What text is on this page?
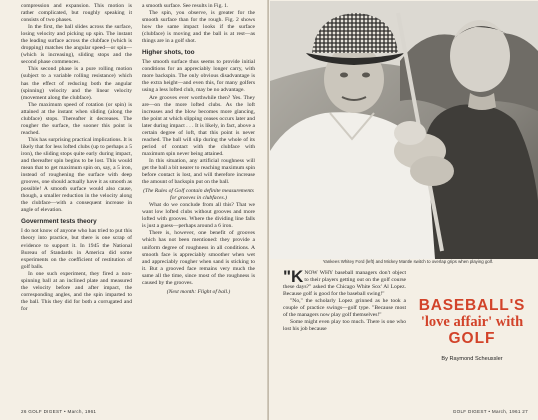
compression and expansion. This motion is rather complicated, but roughly speaking it consists of two phases.

In the first, the ball slides across the surface, losing velocity and picking up spin. The instant the leading surface across the clubface (which is dropping) matches the angular speed—or spin—(which is increasing), sliding stops and the second phase commences.

This second phase is a pure rolling motion (subject to a variable rolling resistance) which has the effect of reducing both the angular (spinning) velocity and the linear velocity (movement along the clubface).

The maximum speed of rotation (or spin) is attained at the instant when sliding (along the clubface) stops. Thereafter it decreases. The rougher the surface, the sooner this point is reached.

This has surprising practical implications. It is likely that for less lofted clubs (up to perhaps a 5 iron), the sliding stops quite early during impact, and thereafter spin begins to be lost. This would mean that to get maximum spin on, say, a 5 iron, instead of roughening the surface with deep grooves, one should actually have it as smooth as possible! A smooth surface would also cause, though, a smaller reduction in the velocity along the clubface—with a consequent increase in angle of elevation.

Government tests theory

I do not know of anyone who has tried to put this theory into practice, but there is one scrap of evidence to support it. In 1945 the National Bureau of Standards in America did some experiments on the coefficient of restitution of golf balls.

In one such experiment, they fired a non-spinning ball at an inclined plate and measured the velocity before and after impact, the corresponding angles, and the spin imparted to the ball. This they did for both a corrugated and for

a smooth surface. See results in Fig. 1.

The spin, you observe, is greater for the smooth surface than for the rough. Fig. 2 shows how the same impact looks if the surface (clubface) is moving and the ball is at rest—as things are in a golf shot.

Higher shots, too

The smooth surface thus seems to provide initial conditions for an appreciably longer carry, with more backspin. The only obvious disadvantage is the extra height—and even this, for many golfers using a less lofted club, may be no advantage.

Are grooves ever worthwhile then? Yes. They are—on the more lofted clubs. As the loft increases and the blow becomes more glancing, the point at which slipping ceases occurs later and later during impact . . . It is likely, in fact, above a certain degree of loft, that this point is never reached. The ball will slip during the whole of its period of contact with the clubface with maximum spin never being attained.

In this situation, any artificial roughness will get the ball a bit nearer to reaching maximum spin before contact is lost, and will therefore increase the amount of backspin put on the ball.

(The Rules of Golf contain definite measurements for grooves in clubfaces.)

What do we conclude from all this? That we want low lofted clubs without grooves and more lofted with grooves. Where the dividing line falls is just a guess—perhaps around a 6 iron.

There is, however, one benefit of grooves which has not been mentioned: they provide a uniform degree of roughness in all conditions. A smooth face is appreciably smoother when wet and appreciably rougher when sand is sticking to it. But a grooved face remains very much the same all the time, since most of the roughness is caused by the grooves.

(Next month: Flight of ball.)

26 GOLF DIGEST • March, 1961
Yankees Whitey Ford (left) and Mickey Mantle switch to overlap grips when playing golf.

"KNOW WHY baseball managers don't object to their players getting out on the golf course these days?" asked the Chicago White Sox' Al Lopez. Because golf is good for the baseball swing!"

"No," the scholarly Lopez grinned as he took a couple of practice swings—golf type. "Because most of the managers now play golf themselves!"

Some might even play too much. There is one who lost his job because

BASEBALL'S
'love affair' with
GOLF
By Raymond Scheussler
GOLF DIGEST • March, 1961 27
